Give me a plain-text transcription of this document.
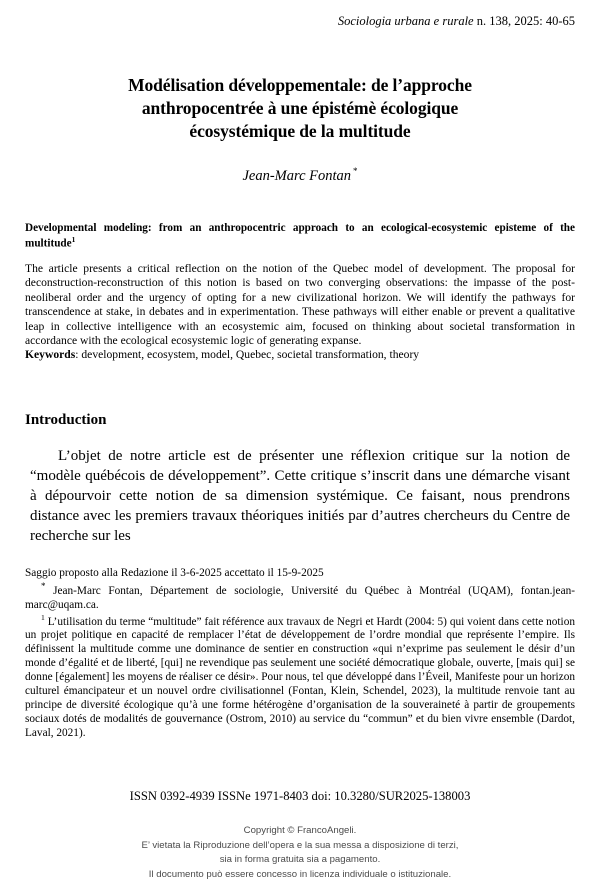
Sociologia urbana e rurale n. 138, 2025: 40-65
Modélisation développementale: de l’approche
anthropocentrée à une épistémè écologique
écosystémique de la multitude

Jean-Marc Fontan *

Developmental modeling: from an anthropocentric approach to an ecological-ecosystemic episteme of the multitude$^1$

The article presents a critical reflection on the notion of the Quebec model of development. The proposal for deconstruction-reconstruction of this notion is based on two converging observations: the impasse of the post-neoliberal order and the urgency of opting for a new civilizational horizon. We will identify the pathways for transcendence at stake, in debates and in experimentation. These pathways will either enable or prevent a qualitative leap in collective intelligence with an ecosystemic aim, focused on thinking about societal transformation in accordance with the ecological ecosystemic logic of generating expanse.

Keywords: development, ecosystem, model, Quebec, societal transformation, theory

Introduction

L’objet de notre article est de présenter une réflexion critique sur la notion de “modèle québécois de développement”. Cette critique s’inscrit dans une démarche visant à dépourvoir cette notion de sa dimension systémique. Ce faisant, nous prendrons distance avec les premiers travaux théoriques initiés par d’autres chercheurs du Centre de recherche sur les

Saggio proposto alla Redazione il 3-6-2025 accettato il 15-9-2025

* Jean-Marc Fontan, Département de sociologie, Université du Québec à Montréal (UQAM), fontan.jean-marc@uqam.ca.

$^1$ L’utilisation du terme “multitude” fait référence aux travaux de Negri et Hardt (2004: 5) qui voient dans cette notion un projet politique en capacité de remplacer l’état de développement de l’ordre mondial que représente l’empire. Ils définissent la multitude comme une dominance de sentier en construction «qui n’exprime pas seulement le désir d’un monde d’égalité et de liberté, [qui] ne revendique pas seulement une société démocratique globale, ouverte, [mais qui] se donne [également] les moyens de réaliser ce désir». Pour nous, tel que développé dans l’Éveil, Manifeste pour un horizon culturel émancipateur et un nouvel ordre civilisationnel (Fontan, Klein, Schendel, 2023), la multitude renvoie tant au principe de diversité écologique qu’à une forme hétérogène d’organisation de la souveraineté à partir de groupements sociaux dotés de modalités de gouvernance (Ostrom, 2010) au service du “commun” et du bien vivre ensemble (Dardot, Laval, 2021).

ISSN 0392-4939 ISSNe 1971-8403 doi: 10.3280/SUR2025-138003
Copyright © FrancoAngeli.
E’ vietata la Riproduzione dell’opera e la sua messa a disposizione di terzi,
sia in forma gratuita sia a pagamento.
Il documento può essere concesso in licenza individuale o istituzionale.
